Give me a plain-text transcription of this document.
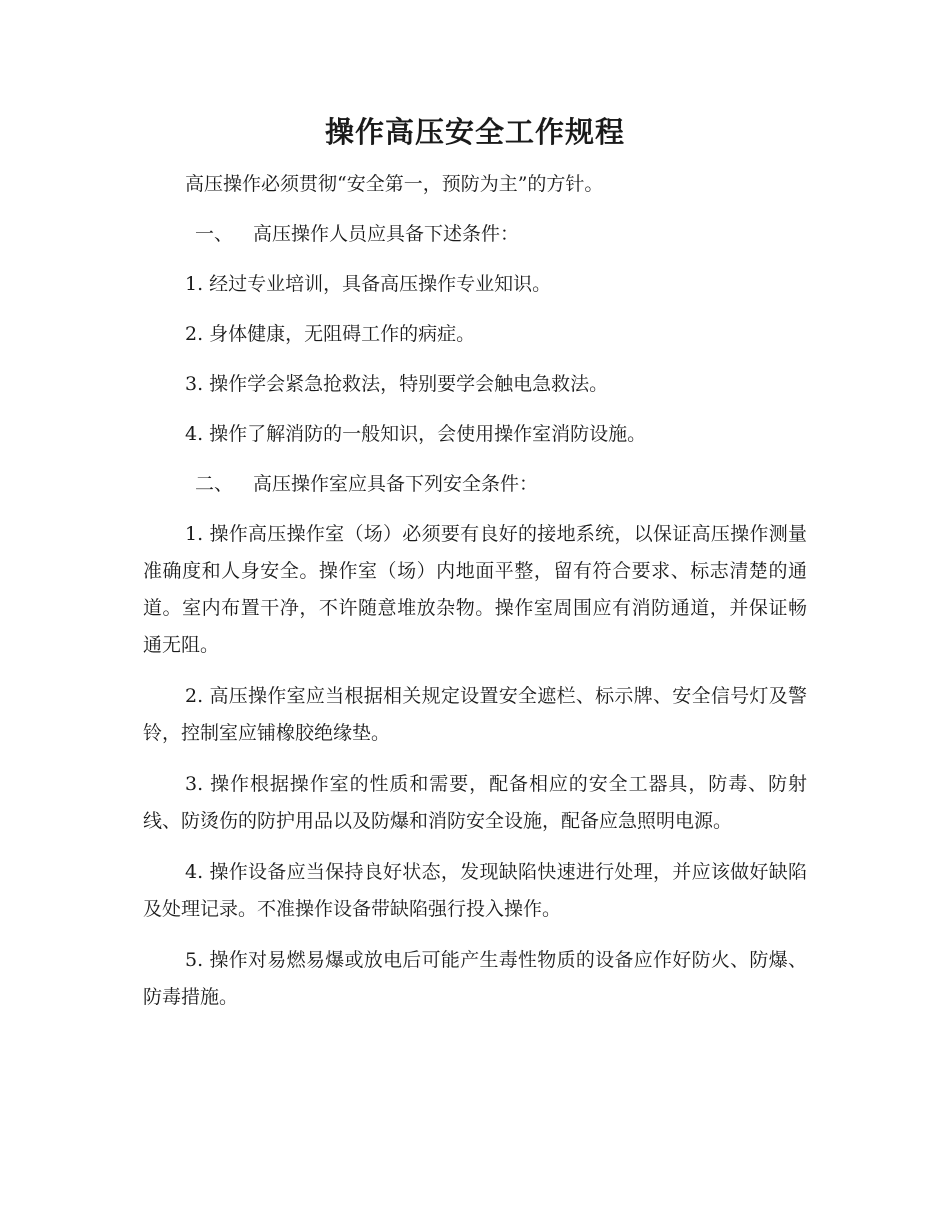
操作高压安全工作规程

高压操作必须贯彻“安全第一，预防为主”的方针。

一、 高压操作人员应具备下述条件：

1. 经过专业培训，具备高压操作专业知识。

2. 身体健康，无阻碍工作的病症。

3. 操作学会紧急抢救法，特别要学会触电急救法。

4. 操作了解消防的一般知识，会使用操作室消防设施。

二、 高压操作室应具备下列安全条件：

1. 操作高压操作室（场）必须要有良好的接地系统，以保证高压操作测量准确度和人身安全。操作室（场）内地面平整，留有符合要求、标志清楚的通道。室内布置干净，不许随意堆放杂物。操作室周围应有消防通道，并保证畅通无阻。

2. 高压操作室应当根据相关规定设置安全遮栏、标示牌、安全信号灯及警铃，控制室应铺橡胶绝缘垫。

3. 操作根据操作室的性质和需要，配备相应的安全工器具，防毒、防射线、防烫伤的防护用品以及防爆和消防安全设施，配备应急照明电源。

4. 操作设备应当保持良好状态，发现缺陷快速进行处理，并应该做好缺陷及处理记录。不准操作设备带缺陷强行投入操作。

5. 操作对易燃易爆或放电后可能产生毒性物质的设备应作好防火、防爆、防毒措施。
